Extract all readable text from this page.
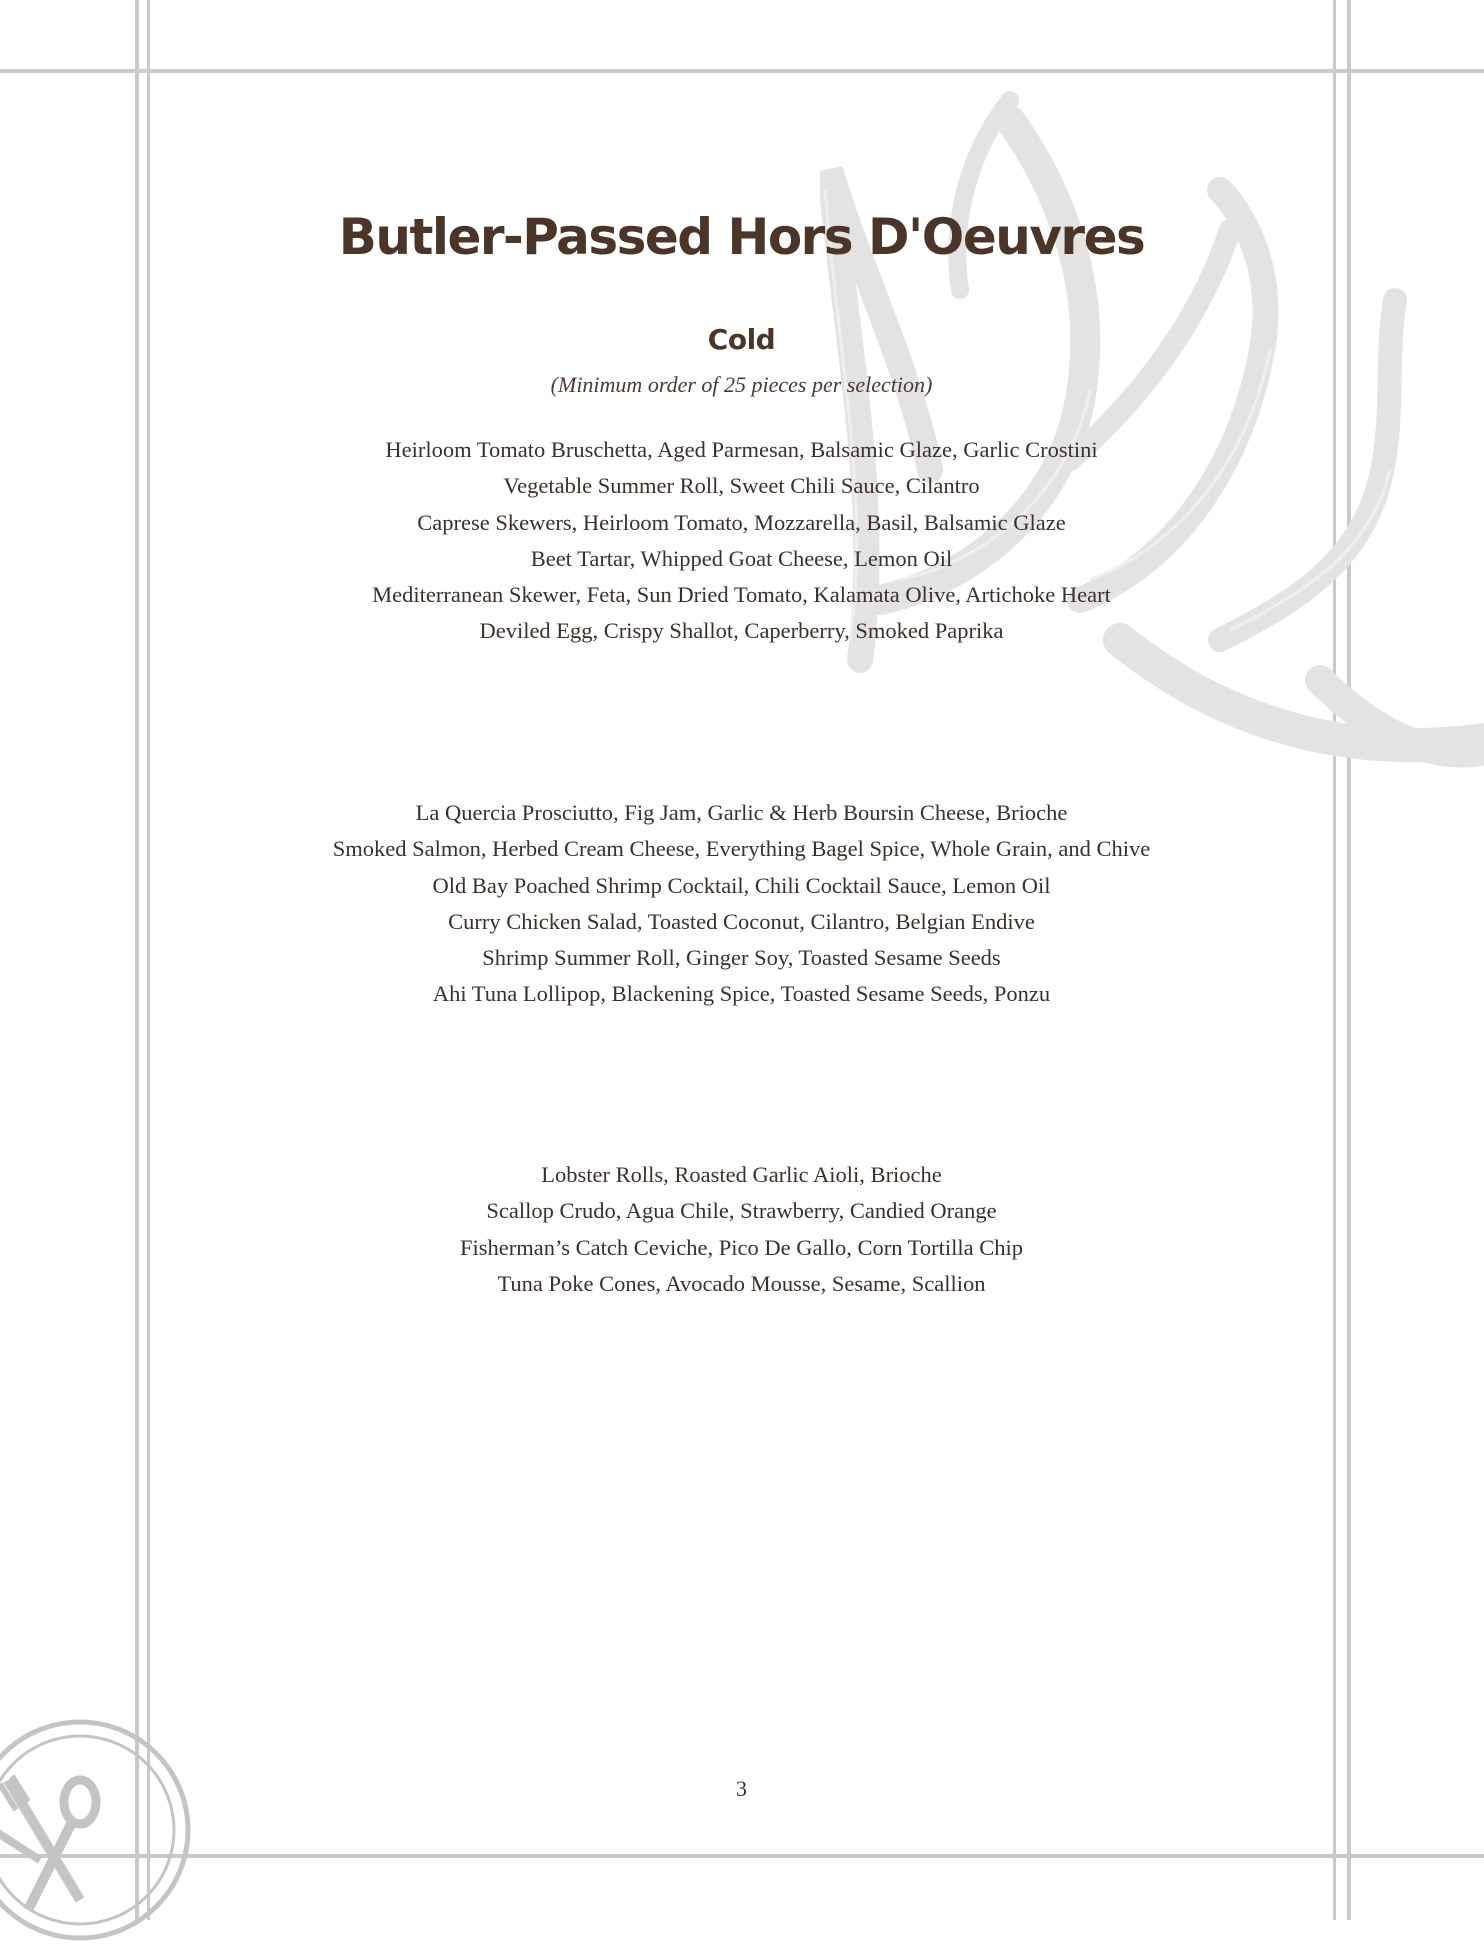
Butler-Passed Hors D'Oeuvres
Cold
(Minimum order of 25 pieces per selection)
Heirloom Tomato Bruschetta, Aged Parmesan, Balsamic Glaze, Garlic Crostini
Vegetable Summer Roll, Sweet Chili Sauce, Cilantro
Caprese Skewers, Heirloom Tomato, Mozzarella, Basil, Balsamic Glaze
Beet Tartar, Whipped Goat Cheese, Lemon Oil
Mediterranean Skewer, Feta, Sun Dried Tomato, Kalamata Olive, Artichoke Heart
Deviled Egg, Crispy Shallot, Caperberry, Smoked Paprika
La Quercia Prosciutto, Fig Jam, Garlic & Herb Boursin Cheese, Brioche
Smoked Salmon, Herbed Cream Cheese, Everything Bagel Spice, Whole Grain, and Chive
Old Bay Poached Shrimp Cocktail, Chili Cocktail Sauce, Lemon Oil
Curry Chicken Salad, Toasted Coconut, Cilantro, Belgian Endive
Shrimp Summer Roll, Ginger Soy, Toasted Sesame Seeds
Ahi Tuna Lollipop, Blackening Spice, Toasted Sesame Seeds, Ponzu
Lobster Rolls, Roasted Garlic Aioli, Brioche
Scallop Crudo, Agua Chile, Strawberry, Candied Orange
Fisherman’s Catch Ceviche, Pico De Gallo, Corn Tortilla Chip
Tuna Poke Cones, Avocado Mousse, Sesame, Scallion
3
